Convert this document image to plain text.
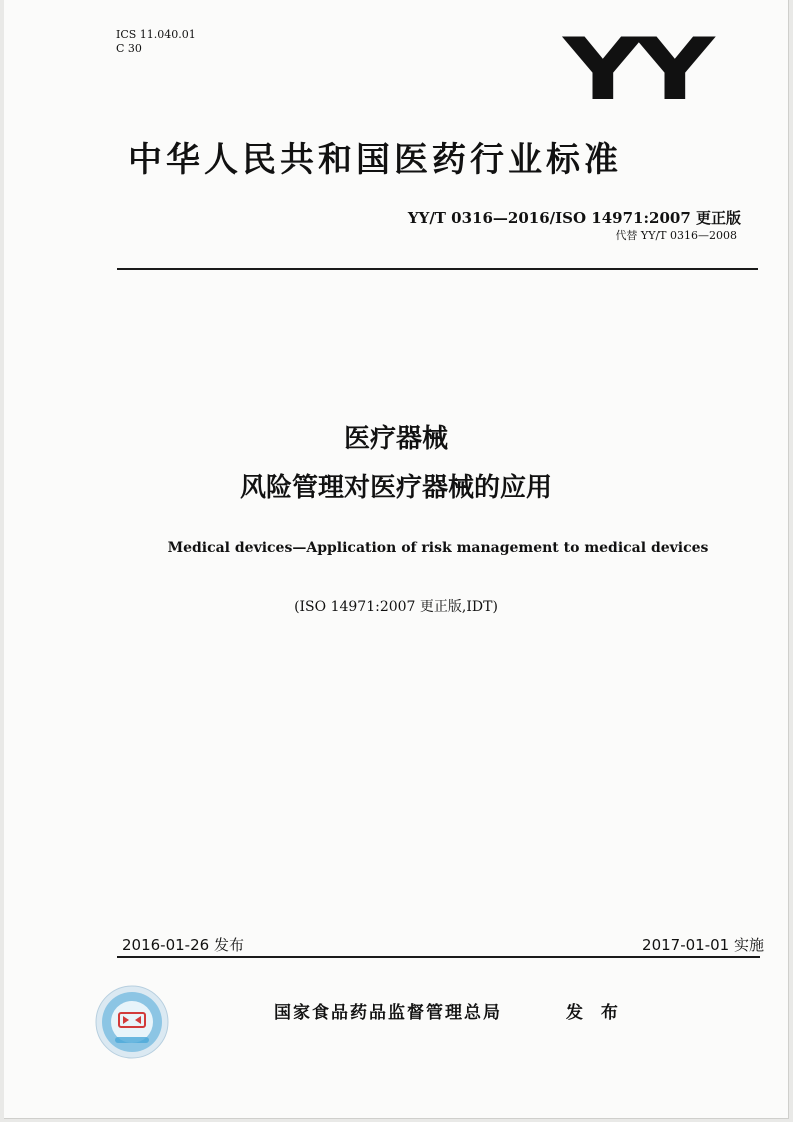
ICS 11.040.01
C 30	YY
中华人民共和国医药行业标准
YY/T 0316—2016/ISO 14971:2007 更正版
代替 YY/T 0316—2008
医疗器械
风险管理对医疗器械的应用
Medical devices—Application of risk management to medical devices
(ISO 14971:2007 更正版,IDT)
2016-01-26 发布	2017-01-01 实施
国家食品药品监督管理总局	发 布
